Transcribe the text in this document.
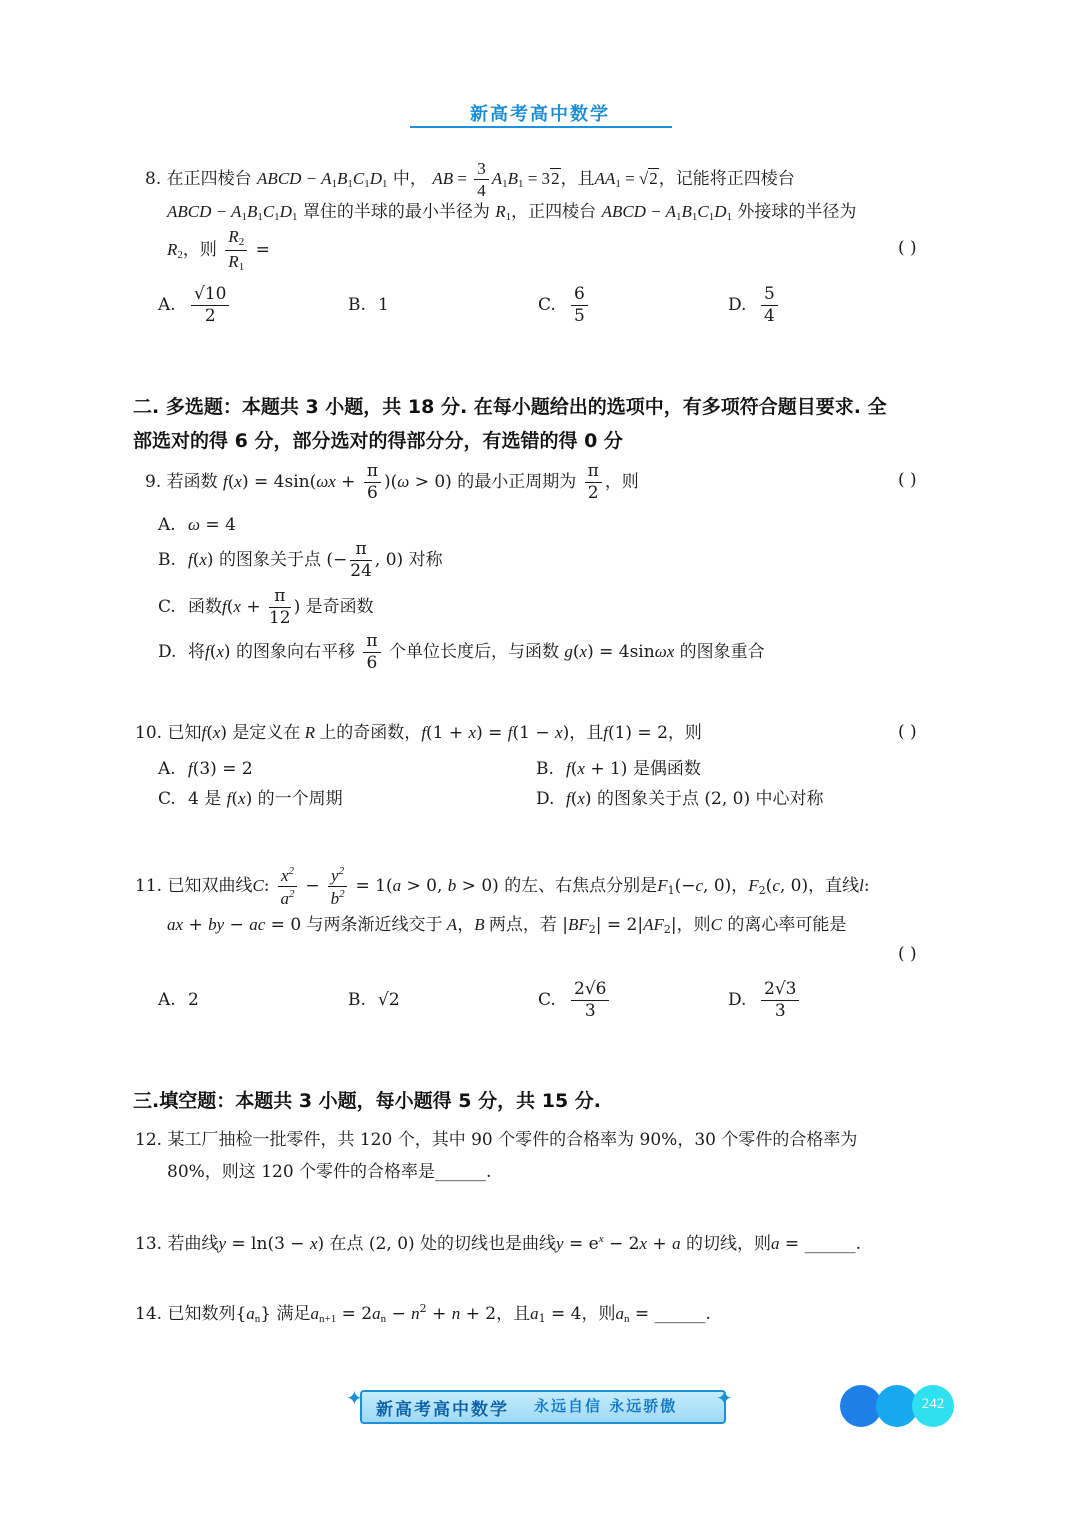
新高考高中数学
8. 在正四棱台 ABCD − $A_1B_1C_1D_1$ 中， AB = $\frac{3}{4} A_1B_1 = 32$，且$AA_1 = √2$，记能将正四棱台
ABCD − $A_1B_1C_1D_1$ 罩住的半球的最小半径为 $R_1$，正四棱台 ABCD − $A_1B_1C_1D_1$ 外接球的半径为
$R_2$，则 $\frac{R_2}{R_1}$ =	( )
A. $\frac{√10}{2}$	B. 1	C. $\frac{6}{5}$	D. $\frac{5}{4}$
二. 多选题：本题共 3 小题，共 18 分. 在每小题给出的选项中，有多项符合题目要求. 全
部选对的得 6 分，部分选对的得部分分，有选错的得 0 分
9. 若函数 $f(x) = 4\sin(\omega x + \frac{\pi}{6} )(\omega > 0)$ 的最小正周期为 $\frac{\pi}{2}$ ，则	( )
A. ω = 4
B. f(x) 的图象关于点 (− $\frac{\pi}{24}$ , 0) 对称
C. 函数$f(x + \frac{\pi}{12}$ ) 是奇函数
D. 将f(x) 的图象向右平移 $\frac{\pi}{6}$ 个单位长度后，与函数 g(x) = 4sinωx 的图象重合
10. 已知f(x) 是定义在 R 上的奇函数，f(1 + x) = f(1 − x)，且f(1) = 2，则	( )
A. f(3) = 2	B. f(x + 1) 是偶函数
C. 4 是 f(x) 的一个周期	D. f(x) 的图象关于点 (2, 0) 中心对称
11. 已知双曲线C: $\frac{x^2}{a^2} - \frac{y^2}{b^2} = 1(a > 0$, b > 0) 的左、右焦点分别是$F_1(-c$, 0)，$F_2(c$, 0)，直线l:
ax + by − ac = 0 与两条渐近线交于 A，B 两点，若 $|BF_2| = 2|AF_2|$，则C 的离心率可能是
( )
A. 2	B. √2	C. $\frac{2√6}{3}$	D. $\frac{2√3}{3}$
三.填空题：本题共 3 小题，每小题得 5 分，共 15 分.
12. 某工厂抽检一批零件，共 120 个，其中 90 个零件的合格率为 90%，30 个零件的合格率为
80%，则这 120 个零件的合格率是______.
13. 若曲线y = ln(3 − x) 在点 (2, 0) 处的切线也是曲线$y = e^x - 2x + a$ 的切线，则a = ______.
14. 已知数列$\{a_n\}$ 满足$a_{n+1} = 2a_n - n^2 + n + 2$，且$a_1 = 4$，则$a_n$ = ______.
✦	✦
新高考高中数学 永远自信 永远骄傲	242
